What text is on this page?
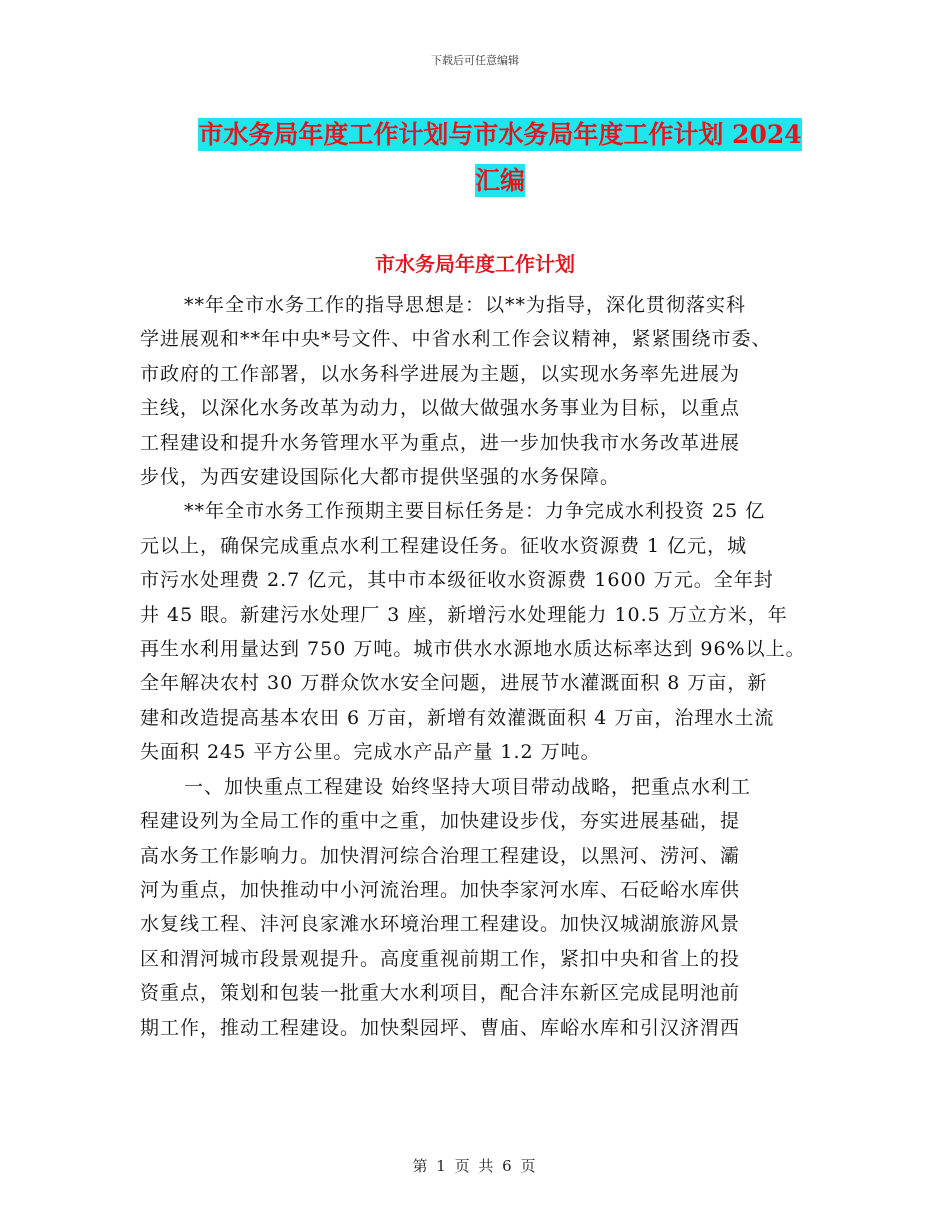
下载后可任意编辑
市水务局年度工作计划与市水务局年度工作计划 2024
汇编
市水务局年度工作计划

**年全市水务工作的指导思想是：以**为指导，深化贯彻落实科

学进展观和**年中央*号文件、中省水利工作会议精神，紧紧围绕市委、

市政府的工作部署，以水务科学进展为主题，以实现水务率先进展为

主线，以深化水务改革为动力，以做大做强水务事业为目标，以重点

工程建设和提升水务管理水平为重点，进一步加快我市水务改革进展

步伐，为西安建设国际化大都市提供坚强的水务保障。

**年全市水务工作预期主要目标任务是：力争完成水利投资 25 亿

元以上，确保完成重点水利工程建设任务。征收水资源费 1 亿元，城

市污水处理费 2.7 亿元，其中市本级征收水资源费 1600 万元。全年封

井 45 眼。新建污水处理厂 3 座，新增污水处理能力 10.5 万立方米，年

再生水利用量达到 750 万吨。城市供水水源地水质达标率达到 96%以上。

全年解决农村 30 万群众饮水安全问题，进展节水灌溉面积 8 万亩，新

建和改造提高基本农田 6 万亩，新增有效灌溉面积 4 万亩，治理水土流

失面积 245 平方公里。完成水产品产量 1.2 万吨。

一、加快重点工程建设 始终坚持大项目带动战略，把重点水利工

程建设列为全局工作的重中之重，加快建设步伐，夯实进展基础，提

高水务工作影响力。加快渭河综合治理工程建设，以黑河、涝河、灞

河为重点，加快推动中小河流治理。加快李家河水库、石砭峪水库供

水复线工程、沣河良家滩水环境治理工程建设。加快汉城湖旅游风景

区和渭河城市段景观提升。高度重视前期工作，紧扣中央和省上的投

资重点，策划和包装一批重大水利项目，配合沣东新区完成昆明池前

期工作，推动工程建设。加快梨园坪、曹庙、库峪水库和引汉济渭西

第 1 页 共 6 页
